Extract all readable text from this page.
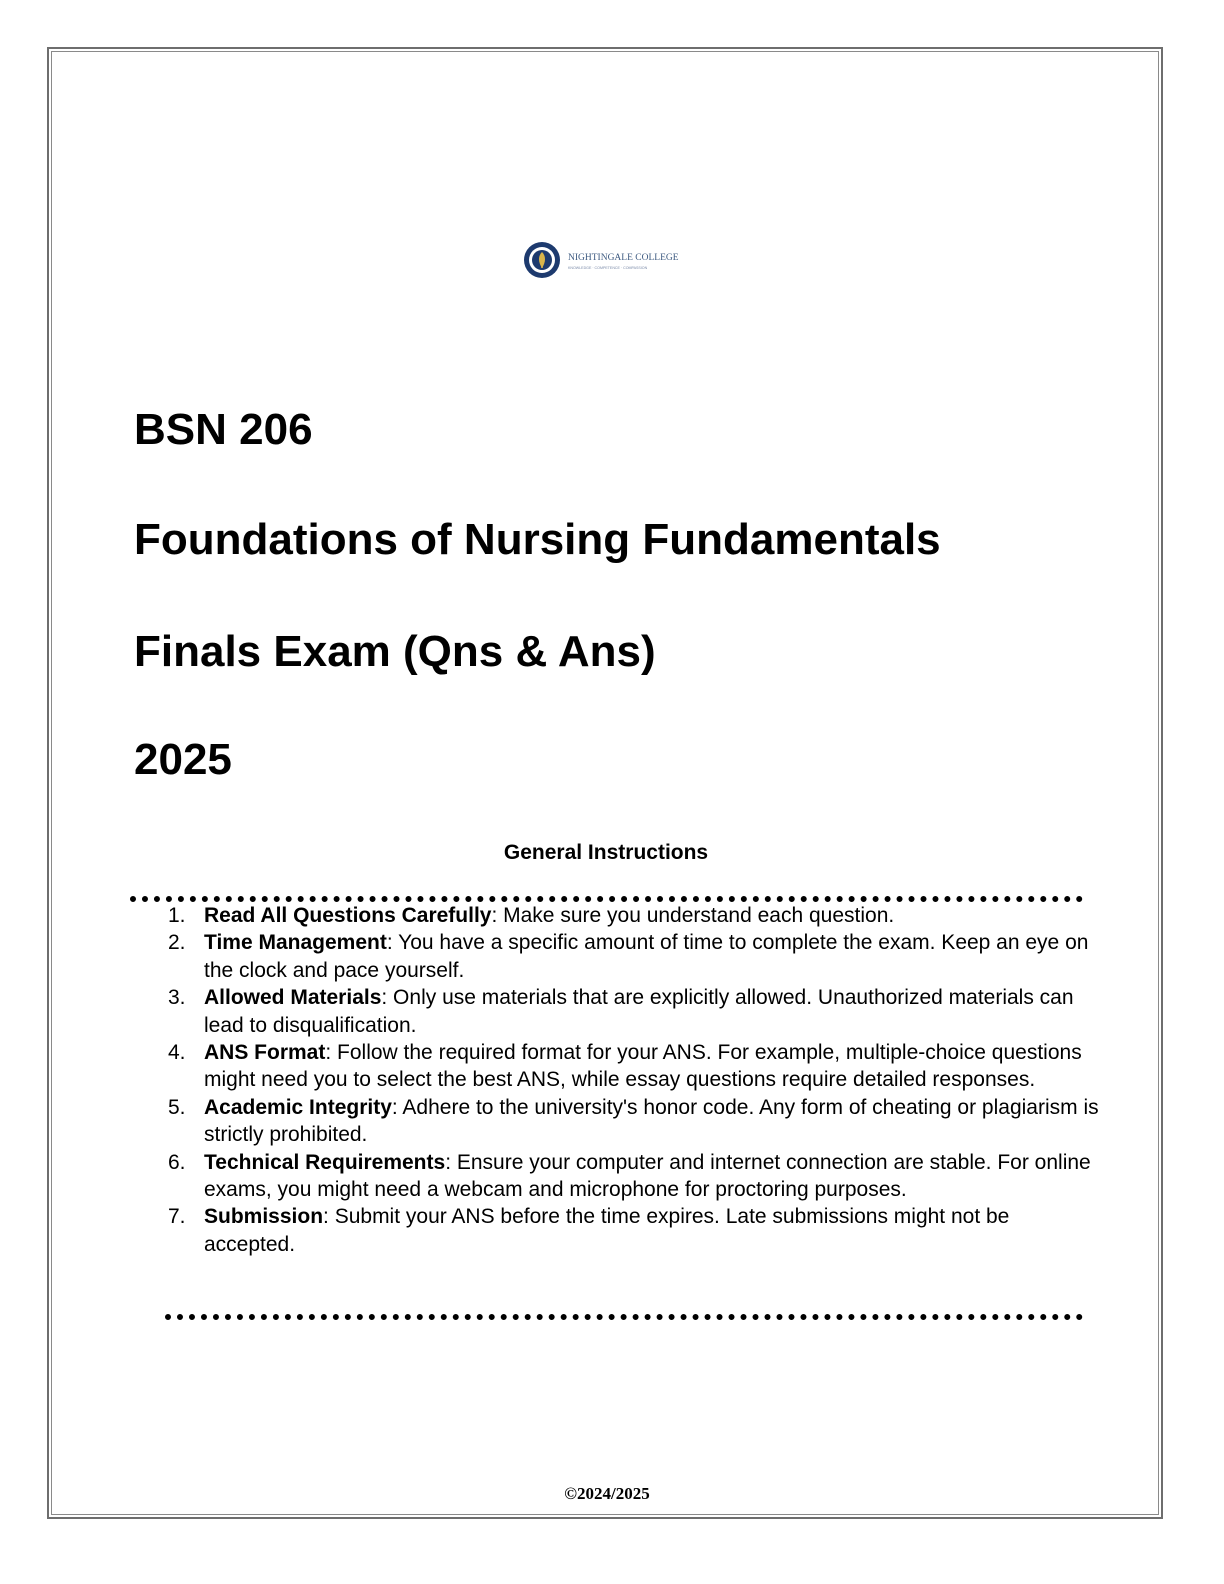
NIGHTINGALE COLLEGE
KNOWLEDGE · COMPETENCE · COMPASSION
BSN 206
Foundations of Nursing Fundamentals
Finals Exam (Qns & Ans)
2025
General Instructions
1. Read All Questions Carefully: Make sure you understand each question.
2. Time Management: You have a specific amount of time to complete the exam. Keep an eye on the clock and pace yourself.
3. Allowed Materials: Only use materials that are explicitly allowed. Unauthorized materials can lead to disqualification.
4. ANS Format: Follow the required format for your ANS. For example, multiple-choice questions might need you to select the best ANS, while essay questions require detailed responses.
5. Academic Integrity: Adhere to the university's honor code. Any form of cheating or plagiarism is strictly prohibited.
6. Technical Requirements: Ensure your computer and internet connection are stable. For online exams, you might need a webcam and microphone for proctoring purposes.
7. Submission: Submit your ANS before the time expires. Late submissions might not be accepted.
©2024/2025
